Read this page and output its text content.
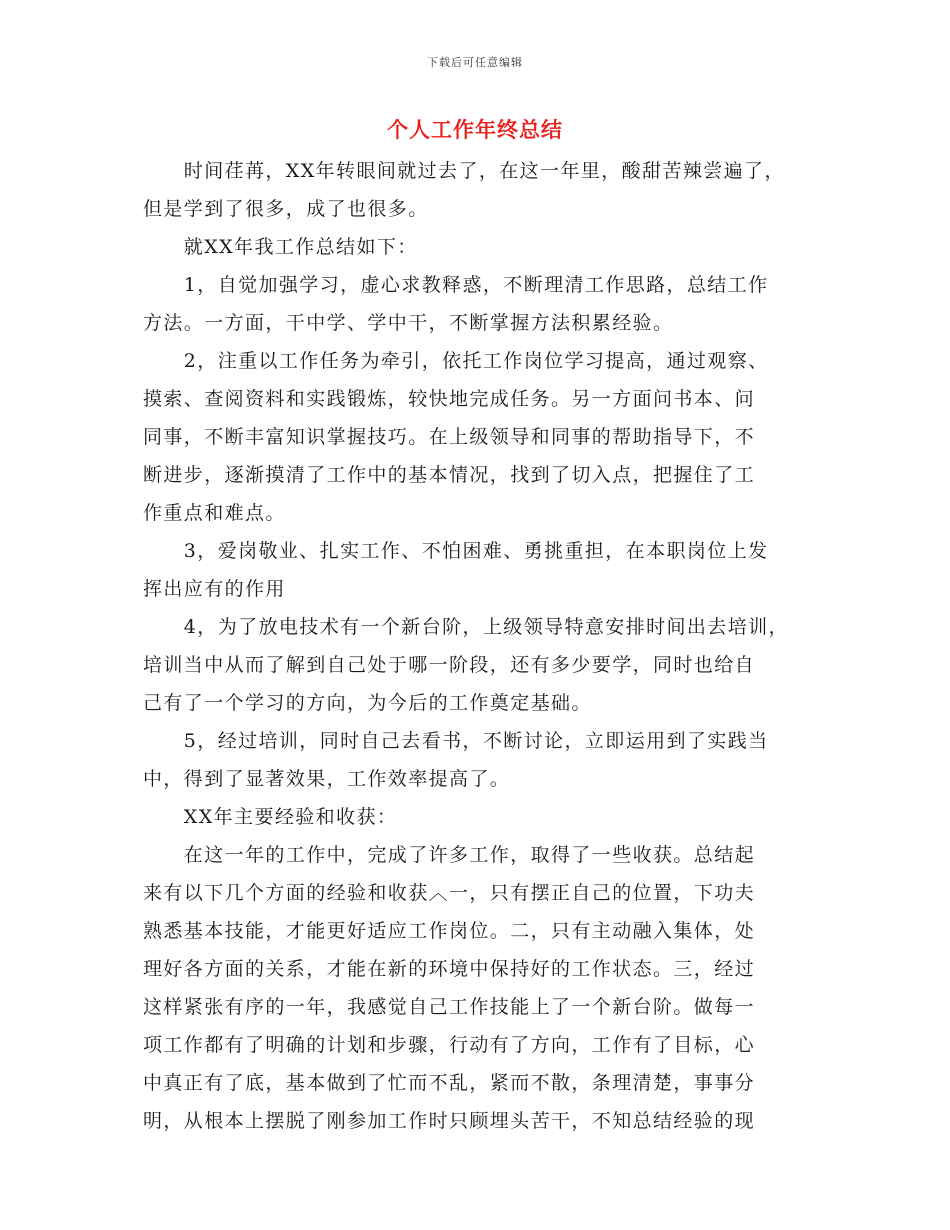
下载后可任意编辑
个人工作年终总结
　　时间荏苒，XX年转眼间就过去了，在这一年里，酸甜苦辣尝遍了，
但是学到了很多，成了也很多。
　　就XX年我工作总结如下：
　　1，自觉加强学习，虚心求教释惑，不断理清工作思路，总结工作
方法。一方面，干中学、学中干，不断掌握方法积累经验。
　　2，注重以工作任务为牵引，依托工作岗位学习提高，通过观察、
摸索、查阅资料和实践锻炼，较快地完成任务。另一方面问书本、问
同事，不断丰富知识掌握技巧。在上级领导和同事的帮助指导下，不
断进步，逐渐摸清了工作中的基本情况，找到了切入点，把握住了工
作重点和难点。
　　3，爱岗敬业、扎实工作、不怕困难、勇挑重担，在本职岗位上发
挥出应有的作用
　　4，为了放电技术有一个新台阶，上级领导特意安排时间出去培训，
培训当中从而了解到自己处于哪一阶段，还有多少要学，同时也给自
己有了一个学习的方向，为今后的工作奠定基础。
　　5，经过培训，同时自己去看书，不断讨论，立即运用到了实践当
中，得到了显著效果，工作效率提高了。
　　XX年主要经验和收获：
　　在这一年的工作中，完成了许多工作，取得了一些收获。总结起
来有以下几个方面的经验和收获︿一，只有摆正自己的位置，下功夫
熟悉基本技能，才能更好适应工作岗位。二，只有主动融入集体，处
理好各方面的关系，才能在新的环境中保持好的工作状态。三，经过
这样紧张有序的一年，我感觉自己工作技能上了一个新台阶。做每一
项工作都有了明确的计划和步骤，行动有了方向，工作有了目标，心
中真正有了底，基本做到了忙而不乱，紧而不散，条理清楚，事事分
明，从根本上摆脱了刚参加工作时只顾埋头苦干，不知总结经验的现
